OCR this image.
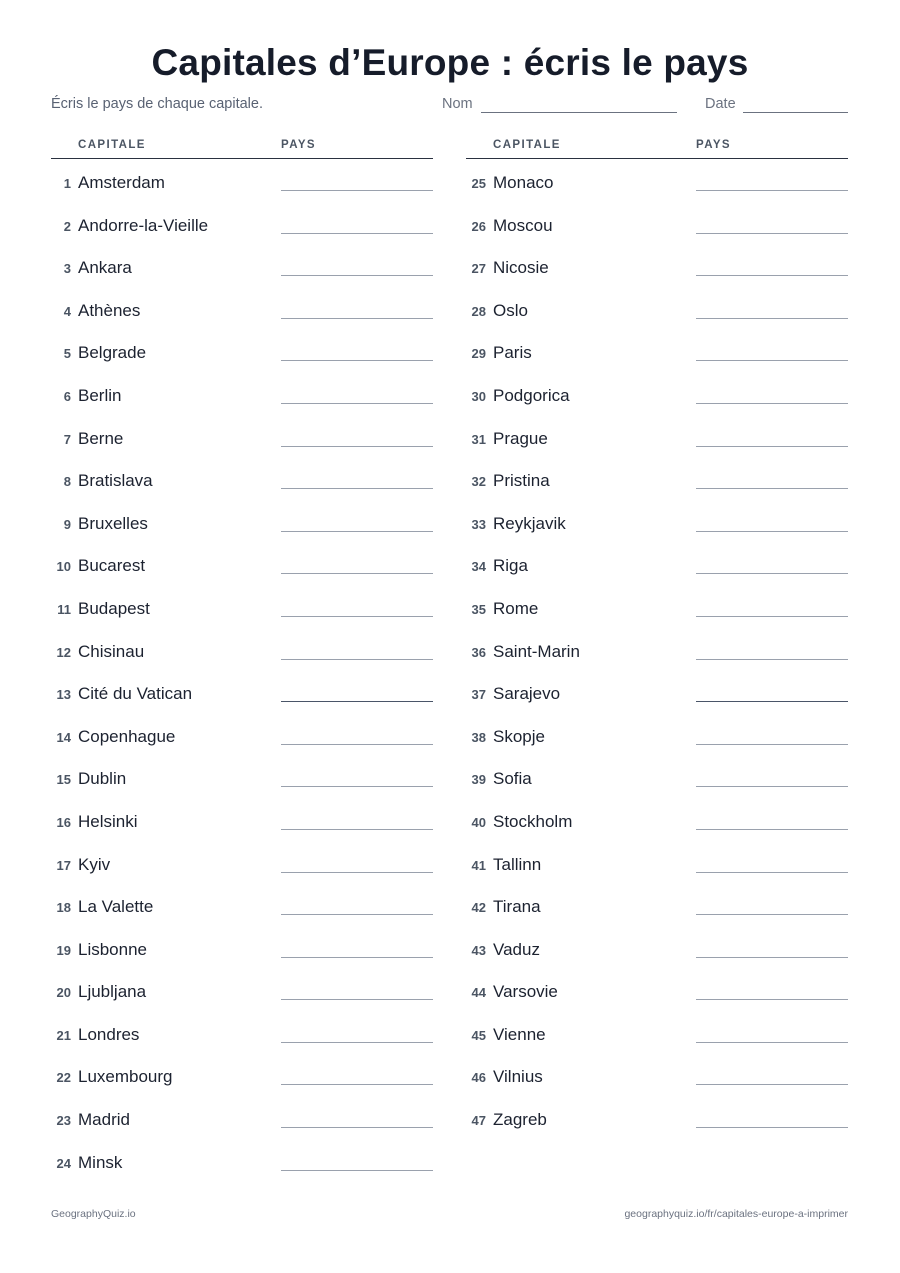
Capitales d’Europe : écris le pays
Écris le pays de chaque capitale.	Nom	Date
CAPITALE	PAYS
1 Amsterdam
2 Andorre-la-Vieille
3 Ankara
4 Athènes
5 Belgrade
6 Berlin
7 Berne
8 Bratislava
9 Bruxelles
10 Bucarest
11 Budapest
12 Chisinau
13 Cité du Vatican
14 Copenhague
15 Dublin
16 Helsinki
17 Kyiv
18 La Valette
19 Lisbonne
20 Ljubljana
21 Londres
22 Luxembourg
23 Madrid
24 Minsk
CAPITALE	PAYS
25 Monaco
26 Moscou
27 Nicosie
28 Oslo
29 Paris
30 Podgorica
31 Prague
32 Pristina
33 Reykjavik
34 Riga
35 Rome
36 Saint-Marin
37 Sarajevo
38 Skopje
39 Sofia
40 Stockholm
41 Tallinn
42 Tirana
43 Vaduz
44 Varsovie
45 Vienne
46 Vilnius
47 Zagreb
GeographyQuiz.io	geographyquiz.io/fr/capitales-europe-a-imprimer
